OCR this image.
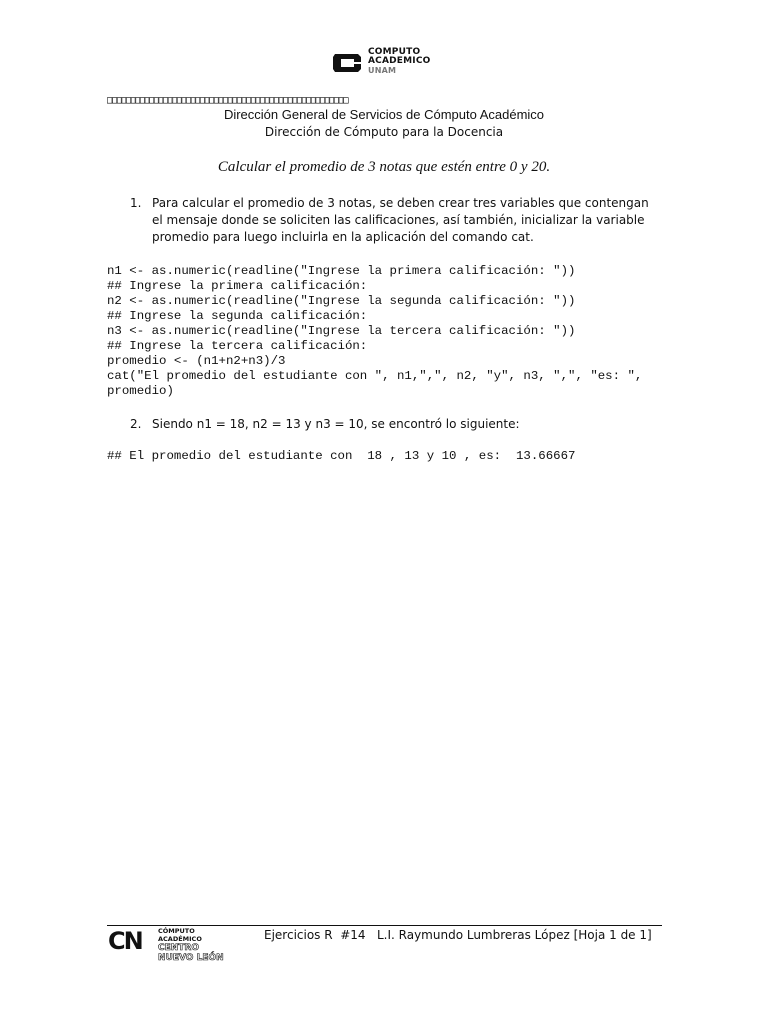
COMPUTO
ACADEMICO
UNAM
□□□□□□□□□□□□□□□□□□□□□□□□□□□□□□□□□□□□□□□□□□□□□□□□□□□□
Dirección General de Servicios de Cómputo Académico
Dirección de Cómputo para la Docencia
Calcular el promedio de 3 notas que estén entre 0 y 20.
1. Para calcular el promedio de 3 notas, se deben crear tres variables que contengan el mensaje donde se soliciten las calificaciones, así también, inicializar la variable promedio para luego incluirla en la aplicación del comando cat.
n1 <- as.numeric(readline("Ingrese la primera calificación: "))
## Ingrese la primera calificación:
n2 <- as.numeric(readline("Ingrese la segunda calificación: "))
## Ingrese la segunda calificación:
n3 <- as.numeric(readline("Ingrese la tercera calificación: "))
## Ingrese la tercera calificación:
promedio <- (n1+n2+n3)/3
cat("El promedio del estudiante con ", n1,",", n2, "y", n3, ",", "es: ", promedio)
2. Siendo n1 = 18, n2 = 13 y n3 = 10, se encontró lo siguiente:
## El promedio del estudiante con  18 , 13 y 10 , es:  13.66667
CN	CÓMPUTO ACADÉMICO
CENTRO
NUEVO LEÓN
Ejercicios R  #14   L.I. Raymundo Lumbreras López [Hoja 1 de 1]
